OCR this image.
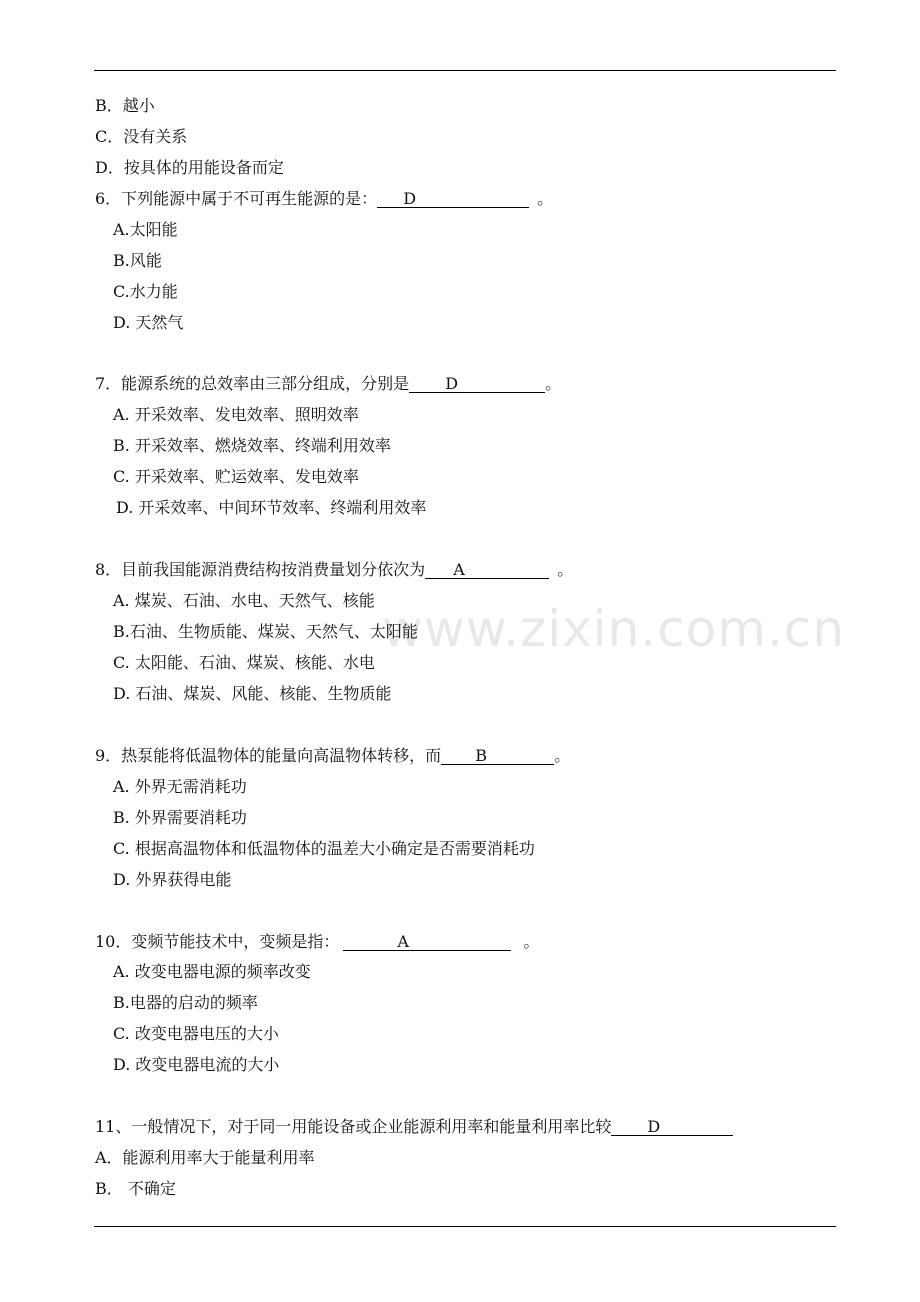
B．越小
C．没有关系
D．按具体的用能设备而定
6．下列能源中属于不可再生能源的是： D	。
A.太阳能
B.风能
C.水力能
D. 天然气
7．能源系统的总效率由三部分组成，分别是 D	。
A. 开采效率、发电效率、照明效率
B. 开采效率、燃烧效率、终端利用效率
C. 开采效率、贮运效率、发电效率
D. 开采效率、中间环节效率、终端利用效率
8．目前我国能源消费结构按消费量划分依次为 A	。
A. 煤炭、石油、水电、天然气、核能
B.石油、生物质能、煤炭、天然气、太阳能
C. 太阳能、石油、煤炭、核能、水电
D. 石油、煤炭、风能、核能、生物质能
www.zixin.com.cn
9．热泵能将低温物体的能量向高温物体转移，而 B	。
A. 外界无需消耗功
B. 外界需要消耗功
C. 根据高温物体和低温物体的温差大小确定是否需要消耗功
D. 外界获得电能
10．变频节能技术中，变频是指：	A	。
A. 改变电器电源的频率改变
B.电器的启动的频率
C. 改变电器电压的大小
D. 改变电器电流的大小
11、一般情况下，对于同一用能设备或企业能源利用率和能量利用率比较 D
A．能源利用率大于能量利用率
B． 不确定
